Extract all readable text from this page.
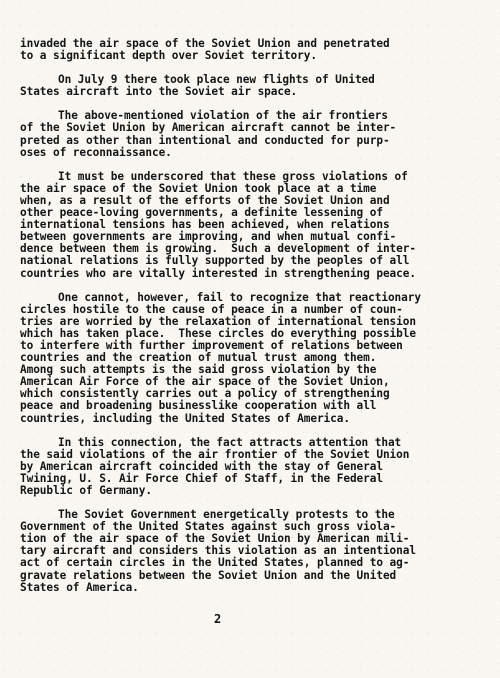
invaded the air space of the Soviet Union and penetrated
to a significant depth over Soviet territory.

On July 9 there took place new flights of United
States aircraft into the Soviet air space.

The above-mentioned violation of the air frontiers
of the Soviet Union by American aircraft cannot be inter-
preted as other than intentional and conducted for purp-
oses of reconnaissance.

It must be underscored that these gross violations of
the air space of the Soviet Union took place at a time
when, as a result of the efforts of the Soviet Union and
other peace-loving governments, a definite lessening of
international tensions has been achieved, when relations
between governments are improving, and when mutual confi-
dence between them is growing.  Such a development of inter-
national relations is fully supported by the peoples of all
countries who are vitally interested in strengthening peace.

One cannot, however, fail to recognize that reactionary
circles hostile to the cause of peace in a number of coun-
tries are worried by the relaxation of international tension
which has taken place.  These circles do everything possible
to interfere with further improvement of relations between
countries and the creation of mutual trust among them.
Among such attempts is the said gross violation by the
American Air Force of the air space of the Soviet Union,
which consistently carries out a policy of strengthening
peace and broadening businesslike cooperation with all
countries, including the United States of America.

In this connection, the fact attracts attention that
the said violations of the air frontier of the Soviet Union
by American aircraft coincided with the stay of General
Twining, U. S. Air Force Chief of Staff, in the Federal
Republic of Germany.

The Soviet Government energetically protests to the
Government of the United States against such gross viola-
tion of the air space of the Soviet Union by American mili-
tary aircraft and considers this violation as an intentional
act of certain circles in the United States, planned to ag-
gravate relations between the Soviet Union and the United
States of America.

2
